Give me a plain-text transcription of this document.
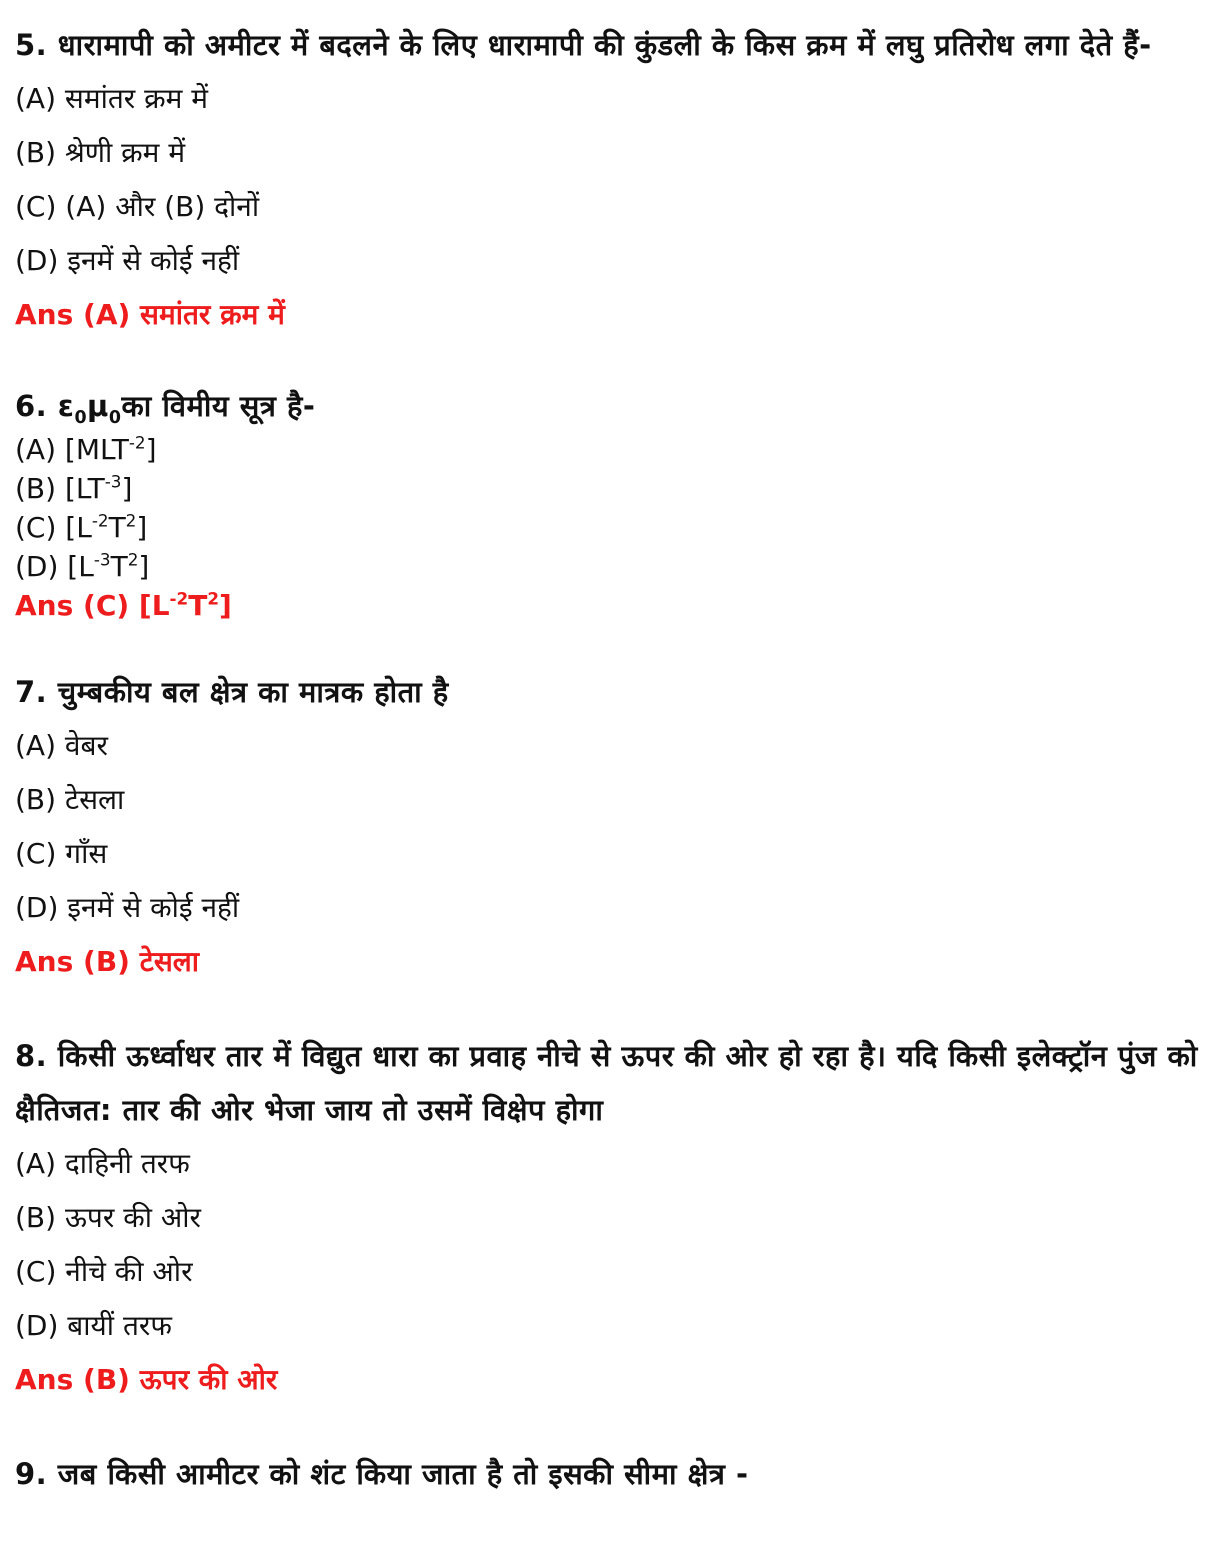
5. धारामापी को अमीटर में बदलने के लिए धारामापी की कुंडली के किस क्रम में लघु प्रतिरोध लगा देते हैं-
(A) समांतर क्रम में
(B) श्रेणी क्रम में
(C) (A) और (B) दोनों
(D) इनमें से कोई नहीं
Ans (A) समांतर क्रम में
6. $\varepsilon_0\mu_0का$ विमीय सूत्र है-
(A) $[MLT^{-2}]$
(B) $[LT^{-3}]$
(C) $[L^{-2}T^2]$
(D) $[L^{-3}T^2]$
Ans (C) $[L^{-2}T^2]$
7. चुम्बकीय बल क्षेत्र का मात्रक होता है
(A) वेबर
(B) टेसला
(C) गाँस
(D) इनमें से कोई नहीं
Ans (B) टेसला
8. किसी ऊर्ध्वाधर तार में विद्युत धारा का प्रवाह नीचे से ऊपर की ओर हो रहा है। यदि किसी इलेक्ट्रॉन पुंज को क्षैतिजत: तार की ओर भेजा जाय तो उसमें विक्षेप होगा
(A) दाहिनी तरफ
(B) ऊपर की ओर
(C) नीचे की ओर
(D) बायीं तरफ
Ans (B) ऊपर की ओर
9. जब किसी आमीटर को शंट किया जाता है तो इसकी सीमा क्षेत्र -
